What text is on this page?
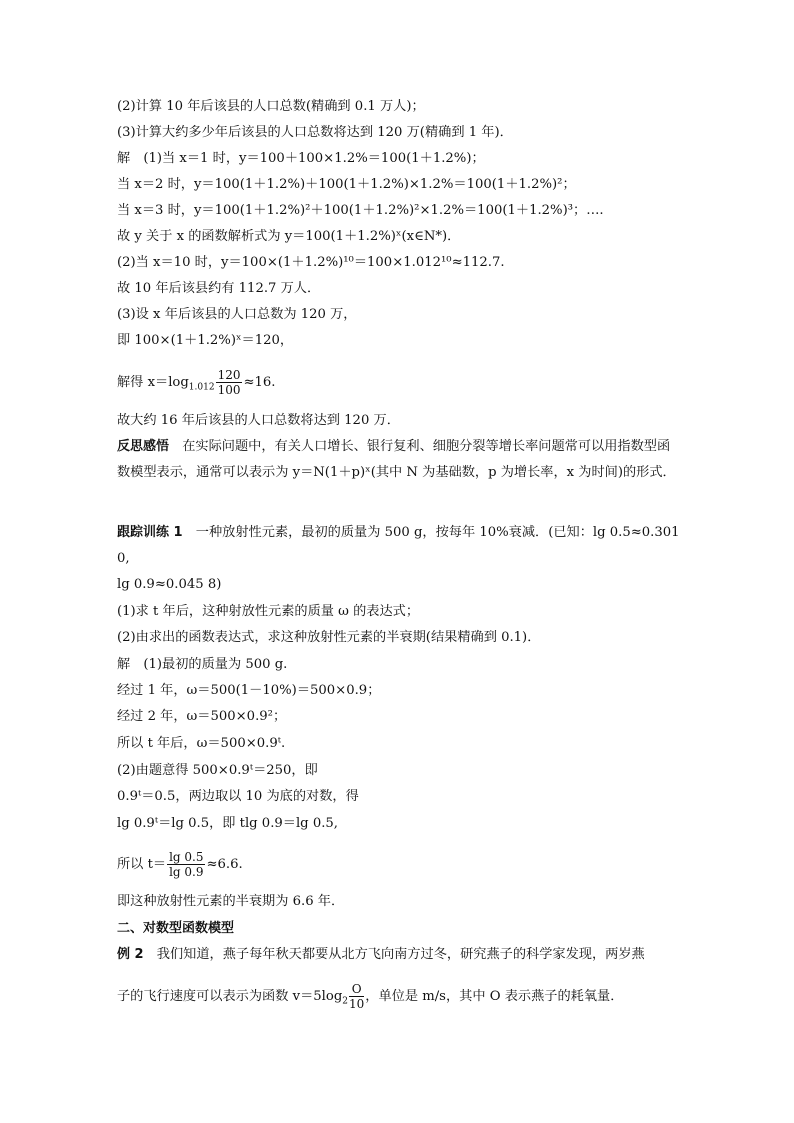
(2)计算 10 年后该县的人口总数(精确到 0.1 万人)；
(3)计算大约多少年后该县的人口总数将达到 120 万(精确到 1 年)．
解　(1)当 x＝1 时，y＝100＋100×1.2%＝100(1＋1.2%)；
当 x＝2 时，y＝100(1＋1.2%)＋100(1＋1.2%)×1.2%＝100(1＋1.2%)²；
当 x＝3 时，y＝100(1＋1.2%)²＋100(1＋1.2%)²×1.2%＝100(1＋1.2%)³；….
故 y 关于 x 的函数解析式为 y＝100(1＋1.2%)ˣ(x∈N*)．
(2)当 x＝10 时，y＝100×(1＋1.2%)¹⁰＝100×1.012¹⁰≈112.7.
故 10 年后该县约有 112.7 万人．
(3)设 x 年后该县的人口总数为 120 万，
即 100×(1＋1.2%)ˣ＝120，
解得 $x=\log_{1.012} \frac{120}{100} \approx 16$.
故大约 16 年后该县的人口总数将达到 120 万．
反思感悟　 在实际问题中，有关人口增长、银行复利、细胞分裂等增长率问题常可以用指数型函数模型表示，通常可以表示为 y＝N(1＋p)ˣ(其中 N 为基础数，p 为增长率，x 为时间)的形式．
跟踪训练 1　一种放射性元素，最初的质量为 500 g，按每年 10%衰减．(已知：lg 0.5≈0.301
0,
lg 0.9≈0.045 8)
(1)求 t 年后，这种射放性元素的质量 ω 的表达式；
(2)由求出的函数表达式，求这种放射性元素的半衰期(结果精确到 0.1)．
解　(1)最初的质量为 500 g.
经过 1 年，ω＝500(1－10%)＝500×0.9；
经过 2 年，ω＝500×0.9²；
所以 t 年后，ω＝500×0.9ᵗ.
(2)由题意得 500×0.9ᵗ＝250，即
0.9ᵗ＝0.5，两边取以 10 为底的对数，得
lg 0.9ᵗ＝lg 0.5，即 tlg 0.9＝lg 0.5,
所以 $t= \frac{\lg 0.5}{\lg 0.9} \approx 6.6$.
即这种放射性元素的半衰期为 6.6 年．
二、对数型函数模型
例 2　我们知道，燕子每年秋天都要从北方飞向南方过冬，研究燕子的科学家发现，两岁燕
子的飞行速度可以表示为函数 $v=5\log_2 \frac{O}{10}$ ，单位是 m/s，其中 O 表示燕子的耗氧量．
